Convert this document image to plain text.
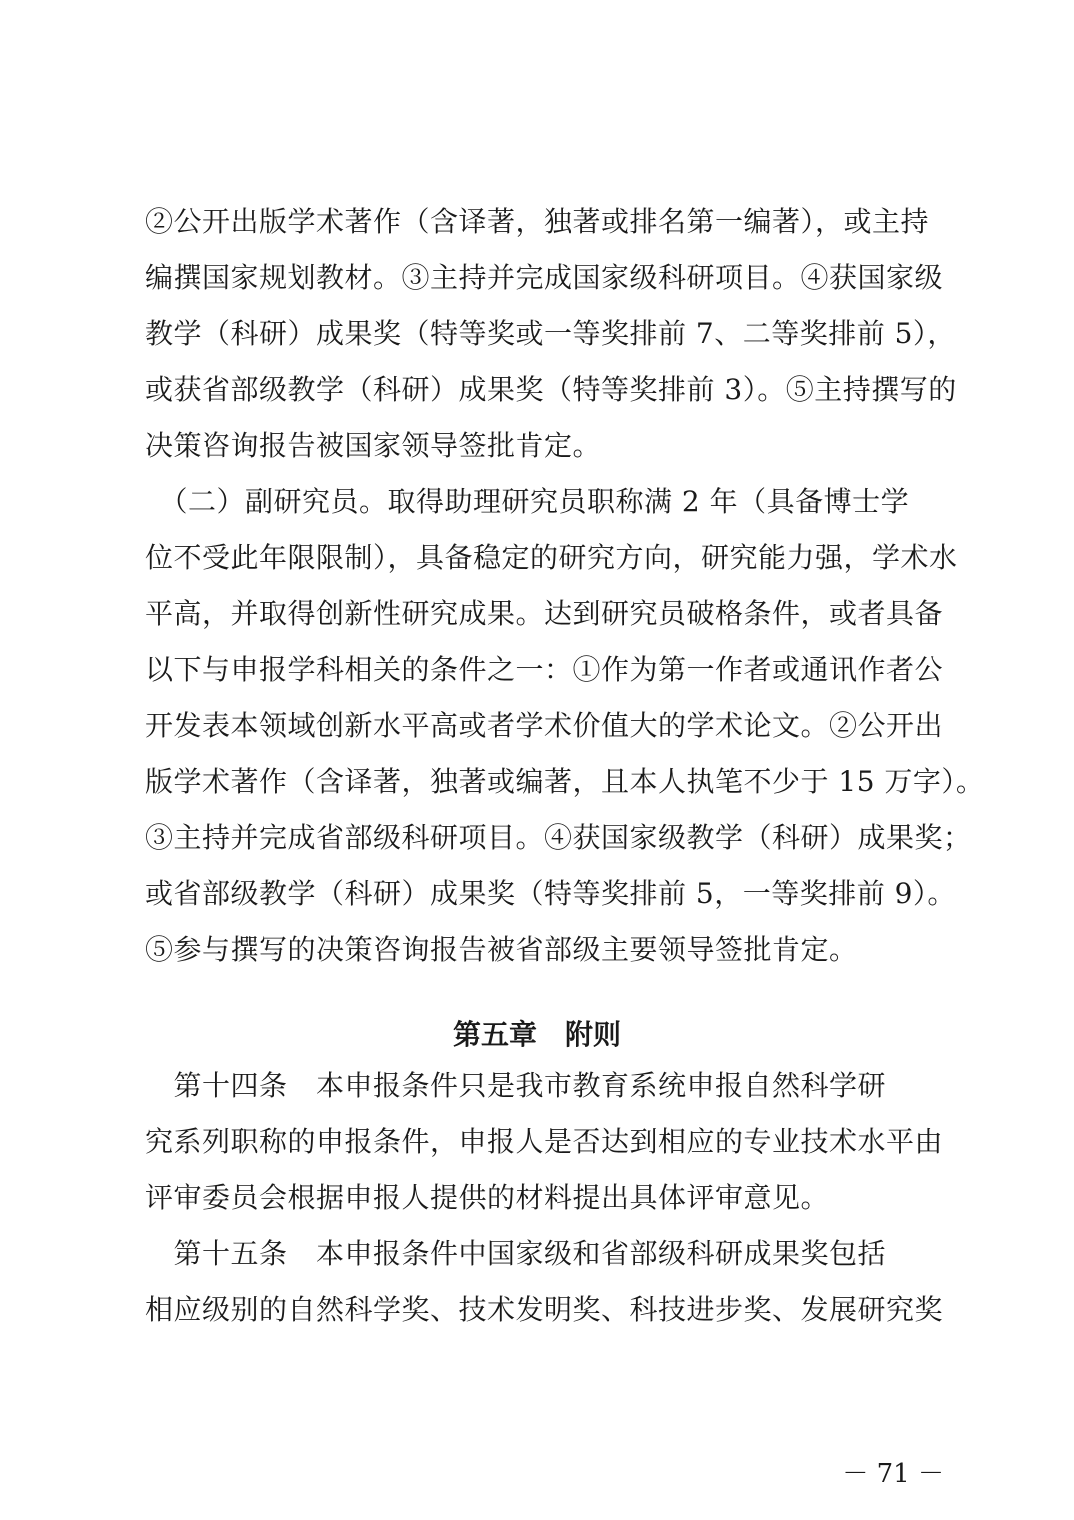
②公开出版学术著作（含译著，独著或排名第一编著），或主持
编撰国家规划教材。③主持并完成国家级科研项目。④获国家级
教学（科研）成果奖（特等奖或一等奖排前 7、二等奖排前 5），
或获省部级教学（科研）成果奖（特等奖排前 3）。⑤主持撰写的
决策咨询报告被国家领导签批肯定。
　（二）副研究员。取得助理研究员职称满 2 年（具备博士学
位不受此年限限制），具备稳定的研究方向，研究能力强，学术水
平高，并取得创新性研究成果。达到研究员破格条件，或者具备
以下与申报学科相关的条件之一：①作为第一作者或通讯作者公
开发表本领域创新水平高或者学术价值大的学术论文。②公开出
版学术著作（含译著，独著或编著，且本人执笔不少于 15 万字）。
③主持并完成省部级科研项目。④获国家级教学（科研）成果奖；
或省部级教学（科研）成果奖（特等奖排前 5，一等奖排前 9）。
⑤参与撰写的决策咨询报告被省部级主要领导签批肯定。
第五章　附则
　第十四条　本申报条件只是我市教育系统申报自然科学研
究系列职称的申报条件，申报人是否达到相应的专业技术水平由
评审委员会根据申报人提供的材料提出具体评审意见。
　第十五条　本申报条件中国家级和省部级科研成果奖包括
相应级别的自然科学奖、技术发明奖、科技进步奖、发展研究奖
－ 71 －
